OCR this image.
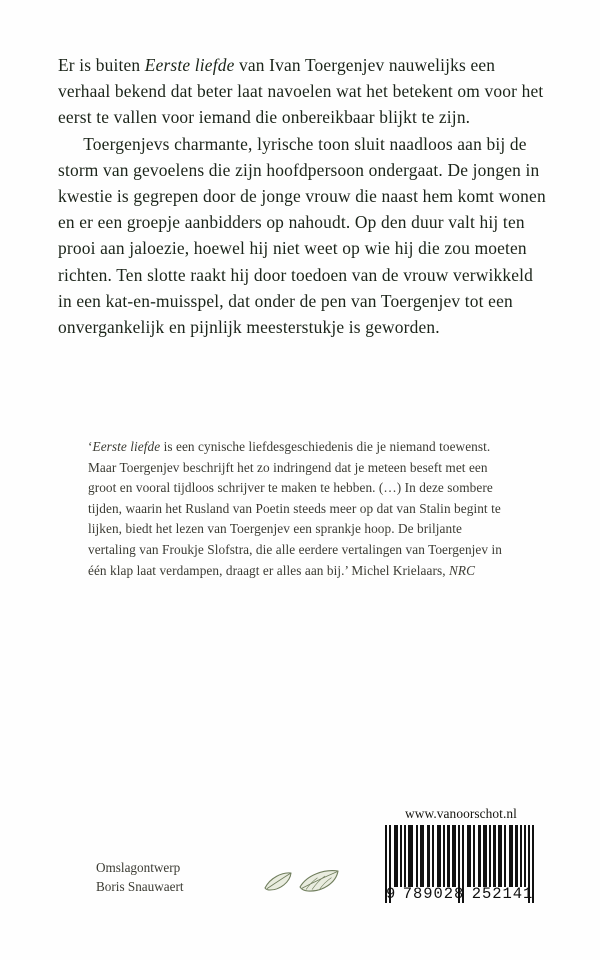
Er is buiten Eerste liefde van Ivan Toergenjev nauwelijks een verhaal bekend dat beter laat navoelen wat het betekent om voor het eerst te vallen voor iemand die onbereikbaar blijkt te zijn.

Toergenjevs charmante, lyrische toon sluit naadloos aan bij de storm van gevoelens die zijn hoofdpersoon ondergaat. De jongen in kwestie is gegrepen door de jonge vrouw die naast hem komt wonen en er een groepje aanbidders op nahoudt. Op den duur valt hij ten prooi aan jaloezie, hoewel hij niet weet op wie hij die zou moeten richten. Ten slotte raakt hij door toedoen van de vrouw verwikkeld in een kat-en-muisspel, dat onder de pen van Toergenjev tot een onvergankelijk en pijnlijk meesterstukje is geworden.

‘Eerste liefde is een cynische liefdesgeschiedenis die je niemand toewenst. Maar Toergenjev beschrijft het zo indringend dat je meteen beseft met een groot en vooral tijdloos schrijver te maken te hebben. (…) In deze sombere tijden, waarin het Rusland van Poetin steeds meer op dat van Stalin begint te lijken, biedt het lezen van Toergenjev een sprankje hoop. De briljante vertaling van Froukje Slofstra, die alle eerdere vertalingen van Toergenjev in één klap laat verdampen, draagt er alles aan bij.’ Michel Krielaars, NRC

Omslagontwerp
Boris Snauwaert
www.vanoorschot.nl
9 789028 252141
